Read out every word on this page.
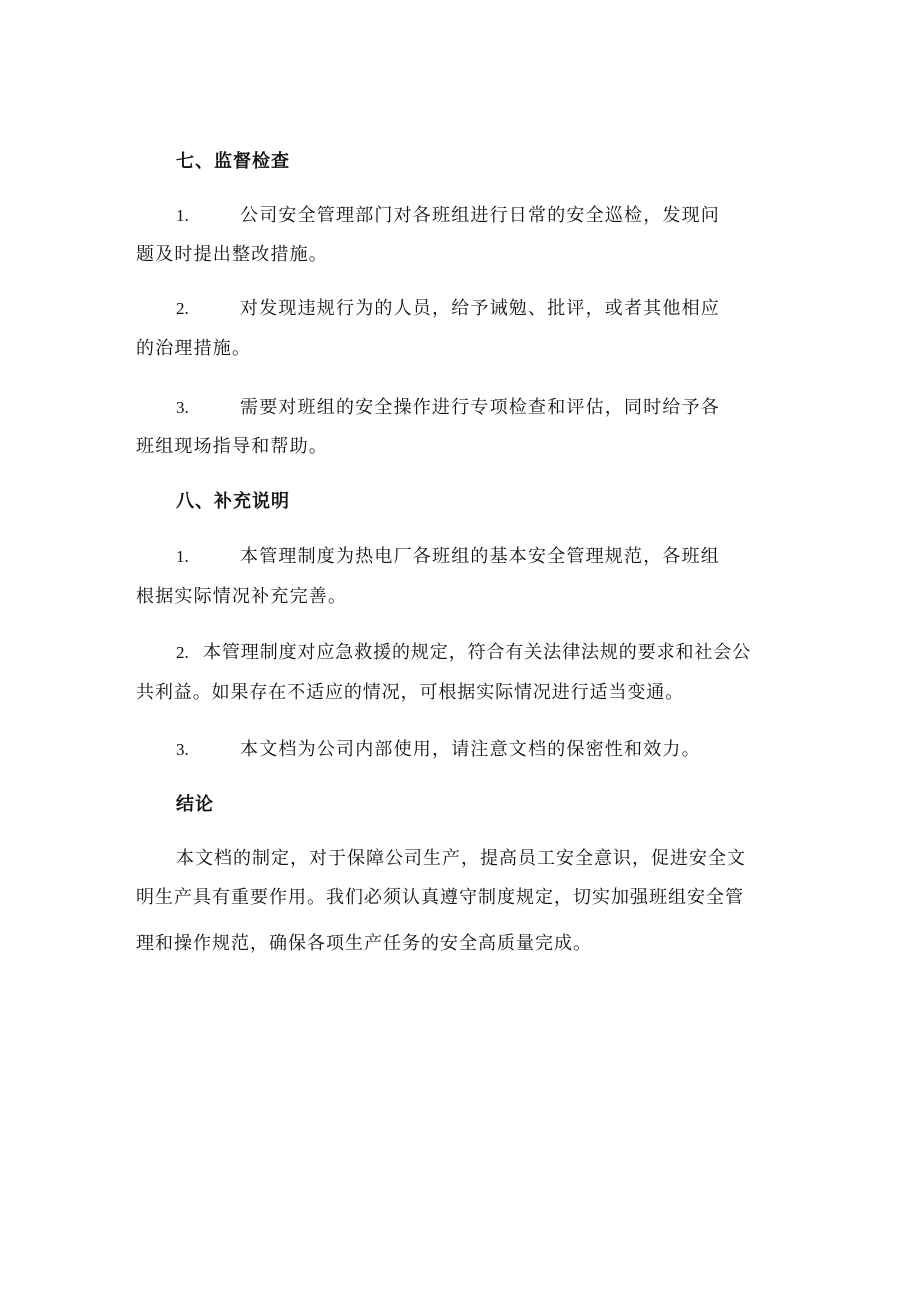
七、监督检查
1.	公司安全管理部门对各班组进行日常的安全巡检，发现问
题及时提出整改措施。
2.	对发现违规行为的人员，给予诫勉、批评，或者其他相应
的治理措施。
3.	需要对班组的安全操作进行专项检查和评估，同时给予各
班组现场指导和帮助。
八、补充说明
1.	本管理制度为热电厂各班组的基本安全管理规范，各班组
根据实际情况补充完善。
2. 本管理制度对应急救援的规定，符合有关法律法规的要求和社会公
共利益。如果存在不适应的情况，可根据实际情况进行适当变通。
3.	本文档为公司内部使用，请注意文档的保密性和效力。
结论
本文档的制定，对于保障公司生产，提高员工安全意识，促进安全文
明生产具有重要作用。我们必须认真遵守制度规定，切实加强班组安全管
理和操作规范，确保各项生产任务的安全高质量完成。
